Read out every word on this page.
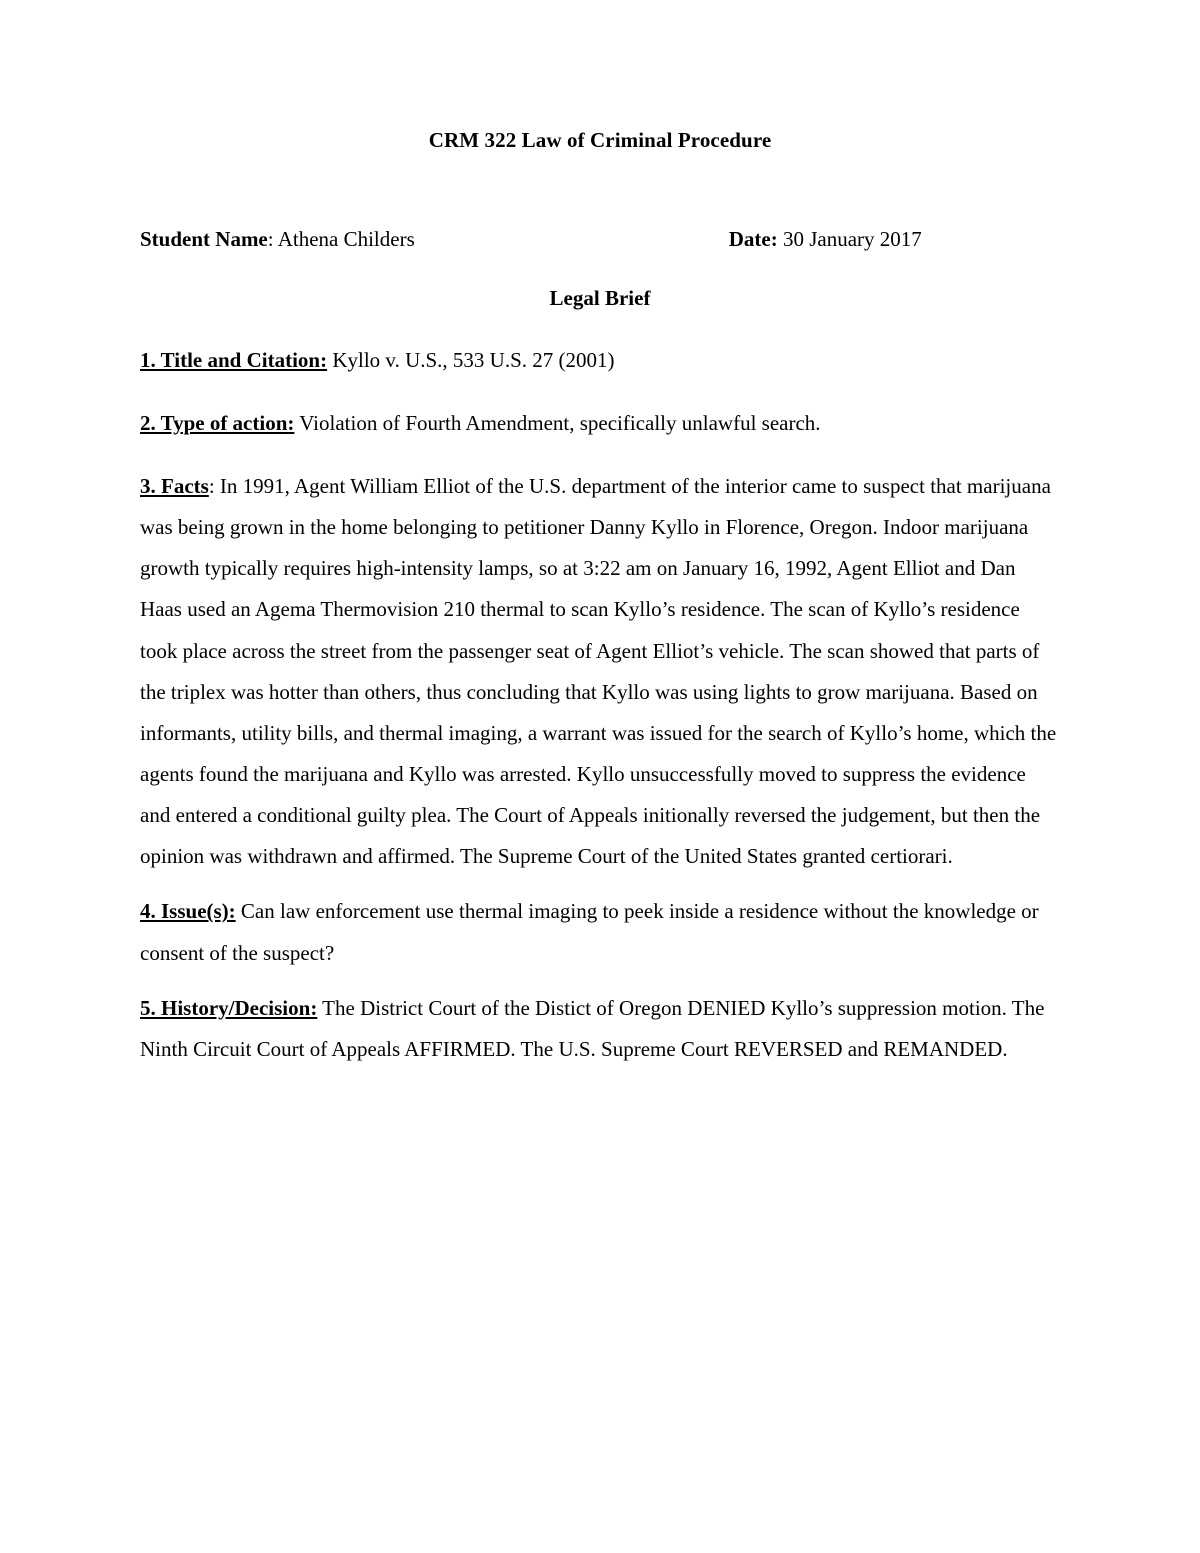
CRM 322 Law of Criminal Procedure
Student Name: Athena Childers	Date: 30 January 2017
Legal Brief
1. Title and Citation: Kyllo v. U.S., 533 U.S. 27 (2001)
2. Type of action: Violation of Fourth Amendment, specifically unlawful search.
3. Facts: In 1991, Agent William Elliot of the U.S. department of the interior came to suspect that marijuana was being grown in the home belonging to petitioner Danny Kyllo in Florence, Oregon. Indoor marijuana growth typically requires high-intensity lamps, so at 3:22 am on January 16, 1992, Agent Elliot and Dan Haas used an Agema Thermovision 210 thermal to scan Kyllo’s residence. The scan of Kyllo’s residence took place across the street from the passenger seat of Agent Elliot’s vehicle. The scan showed that parts of the triplex was hotter than others, thus concluding that Kyllo was using lights to grow marijuana. Based on informants, utility bills, and thermal imaging, a warrant was issued for the search of Kyllo’s home, which the agents found the marijuana and Kyllo was arrested. Kyllo unsuccessfully moved to suppress the evidence and entered a conditional guilty plea. The Court of Appeals initionally reversed the judgement, but then the opinion was withdrawn and affirmed. The Supreme Court of the United States granted certiorari.
4. Issue(s): Can law enforcement use thermal imaging to peek inside a residence without the knowledge or consent of the suspect?
5. History/Decision: The District Court of the Distict of Oregon DENIED Kyllo’s suppression motion. The Ninth Circuit Court of Appeals AFFIRMED. The U.S. Supreme Court REVERSED and REMANDED.
